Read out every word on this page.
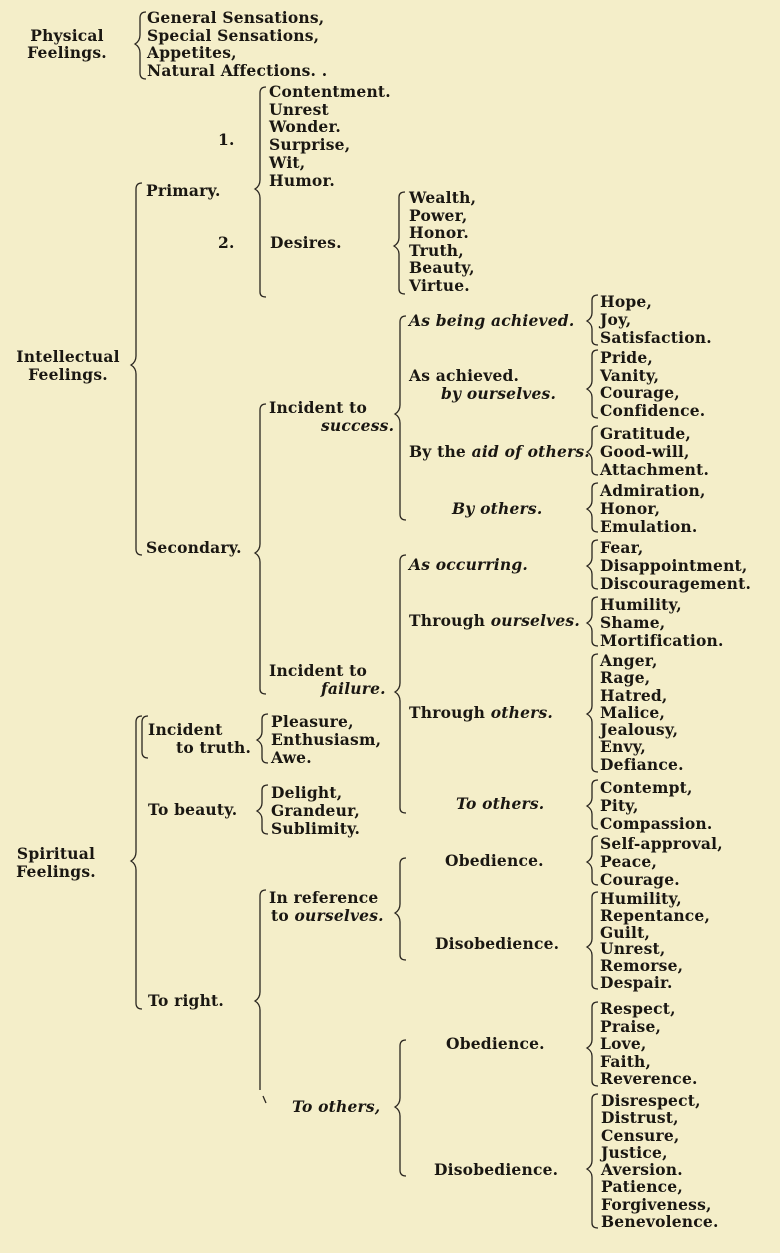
Physical
Feelings.
General Sensations,
Special Sensations,
Appetites,
Natural Affections. .
Intellectual
Feelings.
Primary.
1.
Contentment.
Unrest
Wonder.
Surprise,
Wit,
Humor.
2. Desires.
Wealth,
Power,
Honor.
Truth,
Beauty,
Virtue.
Secondary.
Incident to
success.
As being achieved.
Hope,
Joy,
Satisfaction.
As achieved.
by ourselves.
Pride,
Vanity,
Courage,
Confidence.
By the aid of others.
Gratitude,
Good-will,
Attachment.
By others.
Admiration,
Honor,
Emulation.
Incident to
failure.
As occurring.
Fear,
Disappointment,
Discouragement.
Through ourselves.
Humility,
Shame,
Mortification.
Through others.
Anger,
Rage,
Hatred,
Malice,
Jealousy,
Envy,
Defiance.
To others.
Contempt,
Pity,
Compassion.
Spiritual
Feelings.
Incident
to truth.
Pleasure,
Enthusiasm,
Awe.
To beauty.
Delight,
Grandeur,
Sublimity.
To right.
In reference
to ourselves.
Obedience.
Self-approval,
Peace,
Courage.
Disobedience.
Humility,
Repentance,
Guilt,
Unrest,
Remorse,
Despair.
To others,
Obedience.
Respect,
Praise,
Love,
Faith,
Reverence.
Disobedience.
Disrespect,
Distrust,
Censure,
Justice,
Aversion.
Patience,
Forgiveness,
Benevolence.
